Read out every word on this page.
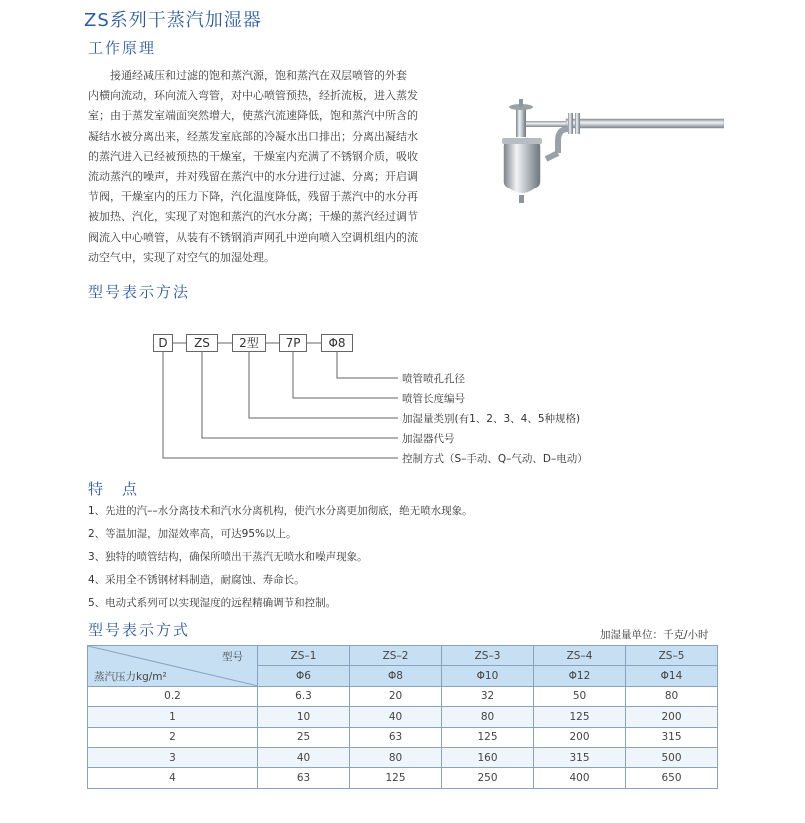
ZS系列干蒸汽加湿器
工作原理

接通经减压和过滤的饱和蒸汽源，饱和蒸汽在双层喷管的外套

内横向流动，环向流入弯管，对中心喷管预热，经折流板，进入蒸发

室；由于蒸发室端面突然增大，使蒸汽流速降低，饱和蒸汽中所含的

凝结水被分离出来，经蒸发室底部的冷凝水出口排出；分离出凝结水

的蒸汽进入已经被预热的干燥室，干燥室内充满了不锈钢介质，吸收

流动蒸汽的噪声，并对残留在蒸汽中的水分进行过滤、分离；开启调

节阀，干燥室内的压力下降，汽化温度降低，残留于蒸汽中的水分再

被加热、汽化，实现了对饱和蒸汽的汽水分离；干燥的蒸汽经过调节

阀流入中心喷管，从装有不锈钢消声网孔中逆向喷入空调机组内的流

动空气中，实现了对空气的加湿处理。

型号表示方法
D	ZS	2型	7P	Φ8
喷管喷孔孔径
喷管长度编号
加湿量类别(有1、2、3、4、5种规格)
加湿器代号
控制方式（S–手动、Q–气动、D–电动）
特　点
1、先进的汽––水分离技术和汽水分离机构，使汽水分离更加彻底，绝无喷水现象。
2、等温加湿，加湿效率高，可达95%以上。
3、独特的喷管结构，确保所喷出干蒸汽无喷水和噪声现象。
4、采用全不锈钢材料制造，耐腐蚀、寿命长。
5、电动式系列可以实现湿度的远程精确调节和控制。
型号表示方式	加湿量单位：千克/小时
型号
蒸汽压力kg/m²	ZS–1	ZS–2	ZS–3	ZS–4	ZS–5
	Φ6	Φ8	Φ10	Φ12	Φ14
0.2	6.3	20	32	50	80
1	10	40	80	125	200
2	25	63	125	200	315
3	40	80	160	315	500
4	63	125	250	400	650
